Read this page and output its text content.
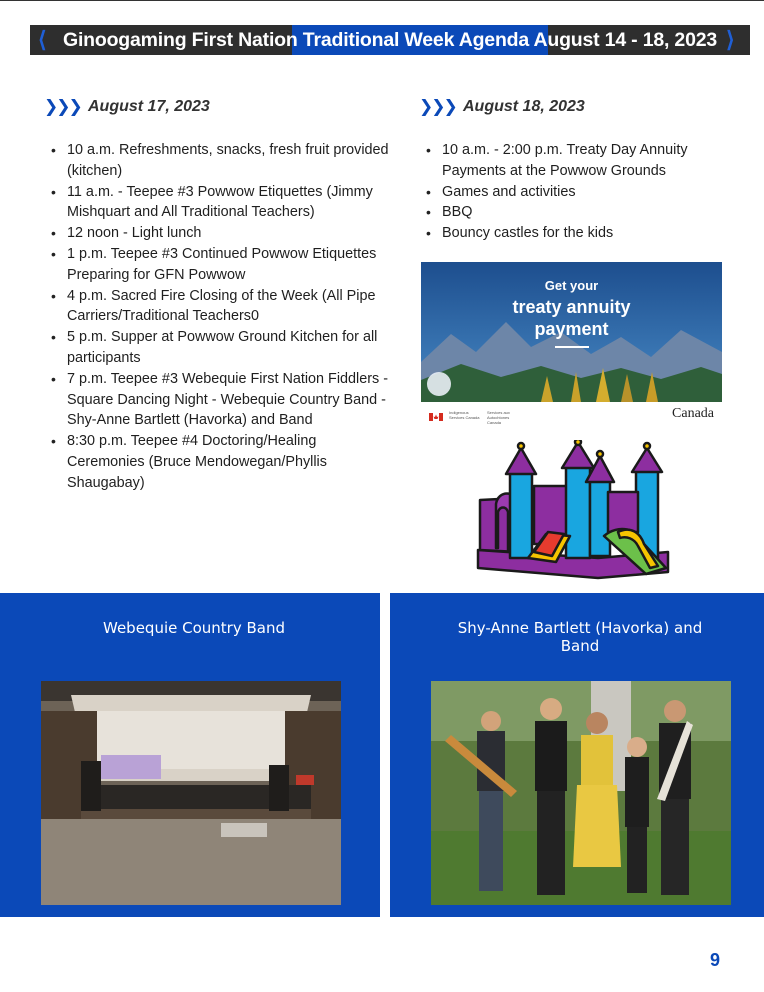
⟨	⟩
Ginoogaming First Nation Traditional Week Agenda August 14 - 18, 2023
❯❯❯ August 17, 2023
• 10 a.m. Refreshments, snacks, fresh fruit provided (kitchen)
• 11 a.m. - Teepee #3 Powwow Etiquettes (Jimmy Mishquart and All Traditional Teachers)
• 12 noon - Light lunch
• 1 p.m. Teepee #3 Continued Powwow Etiquettes Preparing for GFN Powwow
• 4 p.m. Sacred Fire Closing of the Week (All Pipe Carriers/Traditional Teachers0
• 5 p.m. Supper at Powwow Ground Kitchen for all participants
• 7 p.m. Teepee #3 Webequie First Nation Fiddlers - Square Dancing Night - Webequie Country Band - Shy-Anne Bartlett (Havorka) and Band
• 8:30 p.m. Teepee #4 Doctoring/Healing Ceremonies (Bruce Mendowegan/Phyllis Shaugabay)
❯❯❯ August 18, 2023
• 10 a.m. - 2:00 p.m. Treaty Day Annuity Payments at the Powwow Grounds
• Games and activities
• BBQ
• Bouncy castles for the kids
Get your
treaty annuity
payment
Indigenous Services Canada
Services aux Autochtones Canada
Canada
Webequie Country Band	Shy-Anne Bartlett (Havorka) and Band
9
